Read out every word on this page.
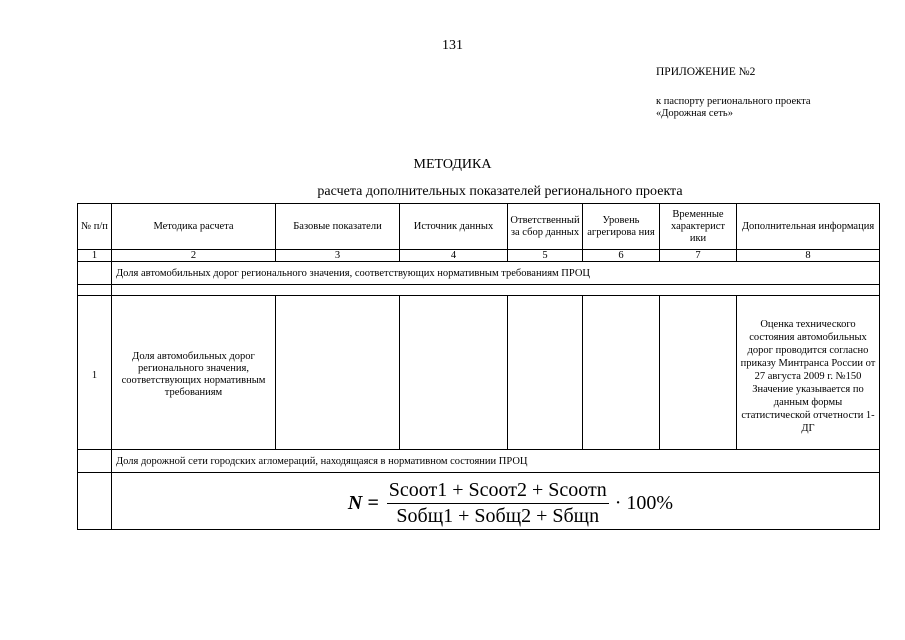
131
ПРИЛОЖЕНИЕ №2
к паспорту регионального проекта
«Дорожная сеть»
МЕТОДИКА
расчета дополнительных показателей регионального проекта
№ п/п	Методика расчета	Базовые показатели	Источник данных	Ответственный за сбор данных	Уровень агрегирова ния	Временные характерист ики	Дополнительная информация
1	2	3	4	5	6	7	8
	Доля автомобильных дорог регионального значения, соответствующих нормативным требованиям ПРОЦ						

1	Доля автомобильных дорог регионального значения, соответствующих нормативным требованиям						Оценка технического состояния автомобильных дорог проводится согласно приказу Минтранса России от 27 августа 2009 г. №150 Значение указывается по данным формы статистической отчетности 1-ДГ
	Доля дорожной сети городских агломераций, находящаяся в нормативном состоянии ПРОЦ						

	$N = \frac{\text{Sсоот1 + Sсоот2 + Sсоотn}}{\text{Sобщ1 + Sобщ2 + Sбщn}} \cdot 100\%$						
